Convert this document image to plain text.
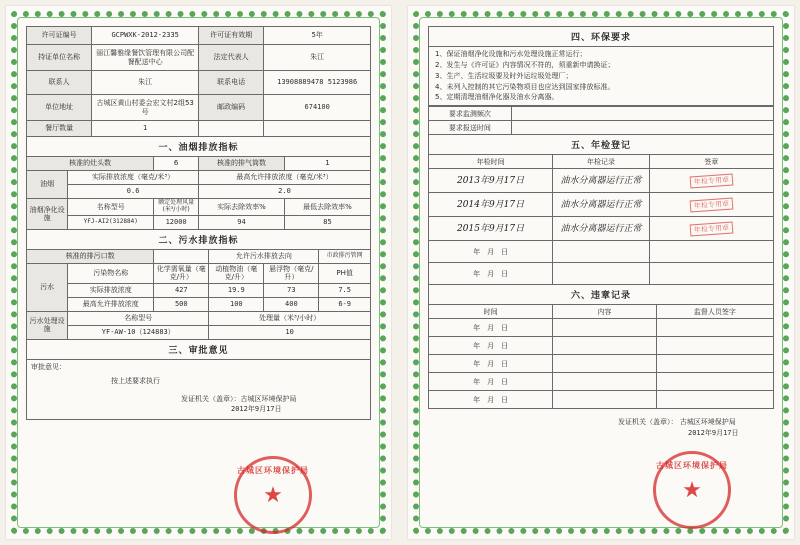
许可证编号	GCPWXK-2012-2335	许可证有效期	5年
持证单位名称	丽江馨雅缘餐饮管理有限公司配餐配送中心	法定代表人	朱江
联系人	朱江	联系电话	13908889478 5123986
单位地址	古城区黄山村委会宏文村2组53号	邮政编码	674100
餐厅数量	1		
一、油烟排放指标
核准的灶头数		6	核准的排气筒数	1
油烟	实际排放浓度（毫克/米³）		最高允许排放浓度（毫克/米³）	
	0.6		2.0	
油烟净化设施	名称型号	额定处理风量(米³/小时)	实际去除效率%	最低去除效率%
	YFJ-AI2(312884)	12000	94	85
二、污水排放指标
核准的排污口数			允许污水排放去向		市政排污管网
污水	污染物名称	化学需氧量（毫克/升）	动植物油（毫克/升）	悬浮物（毫克/升）	PH值
	实际排放浓度	427	19.9	73	7.5
	最高允许排放浓度	500	100	400	6-9
污水处理设施	名称型号		处理量（米³/小时）		
	YF-AW-10（124883）		10		
三、审批意见
审批意见：
按上述要求执行
发证机关（盖章）：古城区环境保护局
2012年9月17日
古城区环境保护局
★
四、环保要求
1、保证油烟净化设施和污水处理设施正常运行；
2、发生与《许可证》内容情况不符的，须重新申请换证；
3、生产、生活垃圾要及时外运垃圾处理厂；
4、未列入控制的其它污染物项目也应达到国家排放标准。
5、定期清理油烟净化器及油水分离器。
要求监测频次	
要求报送时间	
五、年检登记
年检时间	年检记录	签章
2013年9月17日	油水分离器运行正常	年检专用章
2014年9月17日	油水分离器运行正常	年检专用章
2015年9月17日	油水分离器运行正常	年检专用章
年　月　日		
年　月　日		
六、违章记录
时间	内容	监督人员签字
年　月　日		
年　月　日		
年　月　日		
年　月　日		
年　月　日		
发证机关（盖章）： 古城区环境保护局
2012年9月17日
古城区环境保护局
★
